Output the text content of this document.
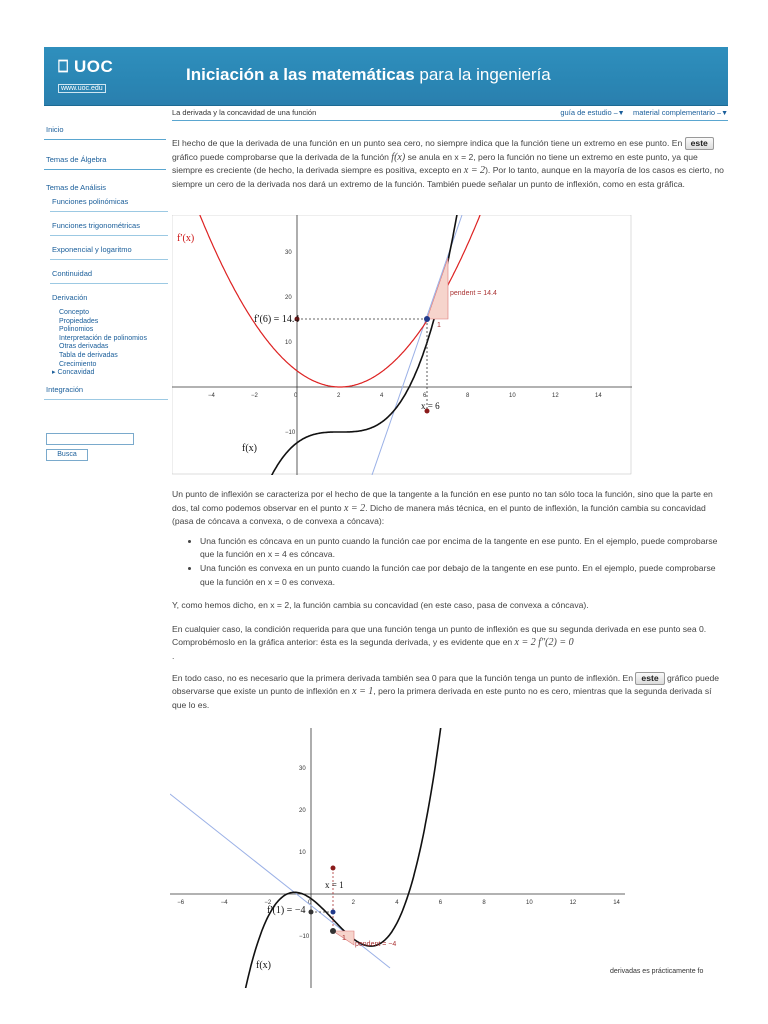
⎕ UOC
www.uoc.edu
Iniciación a las matemáticas para la ingeniería
Inicio
Temas de Álgebra
Temas de Análisis
Funciones polinómicas
Funciones trigonométricas
Exponencial y logaritmo
Continuidad
Derivación
Concepto
Propiedades
Polinomios
Interpretación de polinomios
Otras derivadas
Tabla de derivadas
Crecimiento
▸ Concavidad
Integración
Busca
La derivada y la concavidad de una función	guía de estudio –▼ material complementario –▼

El hecho de que la derivada de una función en un punto sea cero, no siempre indica que la función tiene un extremo en ese punto. En este gráfico puede comprobarse que la derivada de la función f(x) se anula en x = 2, pero la función no tiene un extremo en este punto, ya que siempre es creciente (de hecho, la derivada siempre es positiva, excepto en x = 2). Por lo tanto, aunque en la mayoría de los casos es cierto, no siempre un cero de la derivada nos dará un extremo de la función. También puede señalar un punto de inflexión, como en esta gráfica.

−4	−2	0	2	4	6	8	10	12	14
30
20
10
−10
f′(x)
f(x)
f′(6) = 14.4
x = 6
pendent = 14.4
1

Un punto de inflexión se caracteriza por el hecho de que la tangente a la función en ese punto no tan sólo toca la función, sino que la parte en dos, tal como podemos observar en el punto x = 2. Dicho de manera más técnica, en el punto de inflexión, la función cambia su concavidad (pasa de cóncava a convexa, o de convexa a cóncava):

• Una función es cóncava en un punto cuando la función cae por encima de la tangente en ese punto. En el ejemplo, puede comprobarse que la función en x = 4 es cóncava.
• Una función es convexa en un punto cuando la función cae por debajo de la tangente en ese punto. En el ejemplo, puede comprobarse que la función en x = 0 es convexa.

Y, como hemos dicho, en x = 2, la función cambia su concavidad (en este caso, pasa de convexa a cóncava).

En cualquier caso, la condición requerida para que una función tenga un punto de inflexión es que su segunda derivada en ese punto sea 0. Comprobémoslo en la gráfica anterior: ésta es la segunda derivada, y es evidente que en x = 2 f″(2) = 0
.

En todo caso, no es necesario que la primera derivada también sea 0 para que la función tenga un punto de inflexión. En este gráfico puede observarse que existe un punto de inflexión en x = 1, pero la primera derivada en este punto no es cero, mientras que la segunda derivada sí que lo es.

−6	−4	−2	0	2	4	6	8	10	12	14
30
20
10
−10
x = 1
f′(1) = −4
pendent = −4
1
f(x)
derivadas es prácticamente fo
